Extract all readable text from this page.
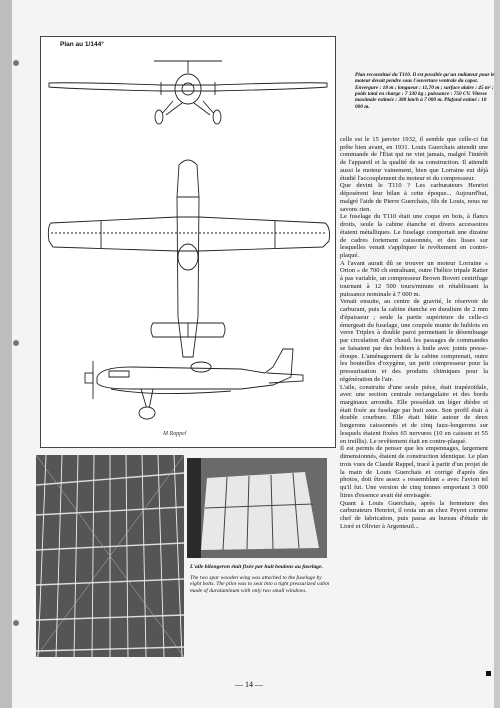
Plan au 1/144°
M Rappel
Plan reconstitué du T110. Il est possible qu'un radiateur pour le moteur devait pendre sous l'ouverture ventrale du capot. Envergure : 18 m ; longueur : 11,70 m ; surface alaire : 45 m² ; poids total en charge : 7 330 kg ; puissance : 750 CV. Vitesse maximale estimée : 388 km/h à 7 000 m. Plafond estimé : 10 000 m.

celle est le 15 janvier 1932, il semble que celle-ci fut prête bien avant, en 1931. Louis Guerchais attendit une commande de l'État qui ne vint jamais, malgré l'intérêt de l'appareil et la qualité de sa construction. Il attendit aussi le moteur vainement, bien que Lorraine eut déjà étudié l'accouplement du moteur et du compresseur.

Que devint le T110 ? Les carburateurs Henriot déposèrent leur bilan à cette époque... Aujourd'hui, malgré l'aide de Pierre Guerchais, fils de Louis, nous ne savons rien.

Le fuselage du T110 était une coque en bois, à flancs droits, seule la cabine étanche et divers accessoires étaient métalliques. Le fuselage comportait une dizaine de cadres fortement caissonnés, et des lisses sur lesquelles venait s'appliquer le revêtement en contre-plaqué.

A l'avant aurait dû se trouver un moteur Lorraine « Orion » de 700 ch entraînant, outre l'hélice tripale Ratier à pas variable, un compresseur Brown Boveri centrifuge tournant à 12 500 tours/minute et rétablissant la puissance nominale à 7 000 m.

Venait ensuite, au centre de gravité, le réservoir de carburant, puis la cabine étanche en duralium de 2 mm d'épaisseur ; seule la partie supérieure de celle-ci émergeait du fuselage, une coupole munie de hublots en verre Triplex à double paroi permettant le désembuage par circulation d'air chaud. les passages de commandes se faisaient par des boltiers à huile avec joints presse-étoupe. L'aménagement de la cabine comprenait, outre les bouteilles d'oxygène, un petit compresseur pour la pressurisation et des produits chimiques pour la régénération de l'air.

L'aile, construite d'une seule pièce, était trapézoïdale, avec une section centrale rectangulaire et des bords marginaux arrondis. Elle possédait un léger dièdre et était fixée au fuselage par huit axes. Son profil était à double courbure. Elle était bâtie autour de deux longerons caissonnés et de cinq faux-longerons sur lesquels étaient fixées 65 nervures (10 en caisson et 55 en treillis). Le revêtement était en contre-plaqué.

Il est permis de penser que les empennages, largement dimensionnés, étaient de construction identique. Le plan trois vues de Claude Rappel, tracé à partir d'un projet de la main de Louis Guerchais et corrigé d'après des photos, doit être assez « ressemblant » avec l'avion tel qu'il fut. Une version de cinq tonnes emportant 3 000 litres d'essence avait été envisagée.

Quant à Louis Guerchais, après la fermeture des carburateurs Henriot, il resta un an chez Peyret comme chef de fabrication, puis passa au bureau d'étude de Lioré et Olivier à Argenteuil...

L'aile bilongeron était fixée par huit boulons au fuselage.
The two spar wooden wing was attached to the fuselage by eight bolts. The pilot was to seat into a tight pressurized cabin made of duraluminum with only two small windows.
— 14 —
